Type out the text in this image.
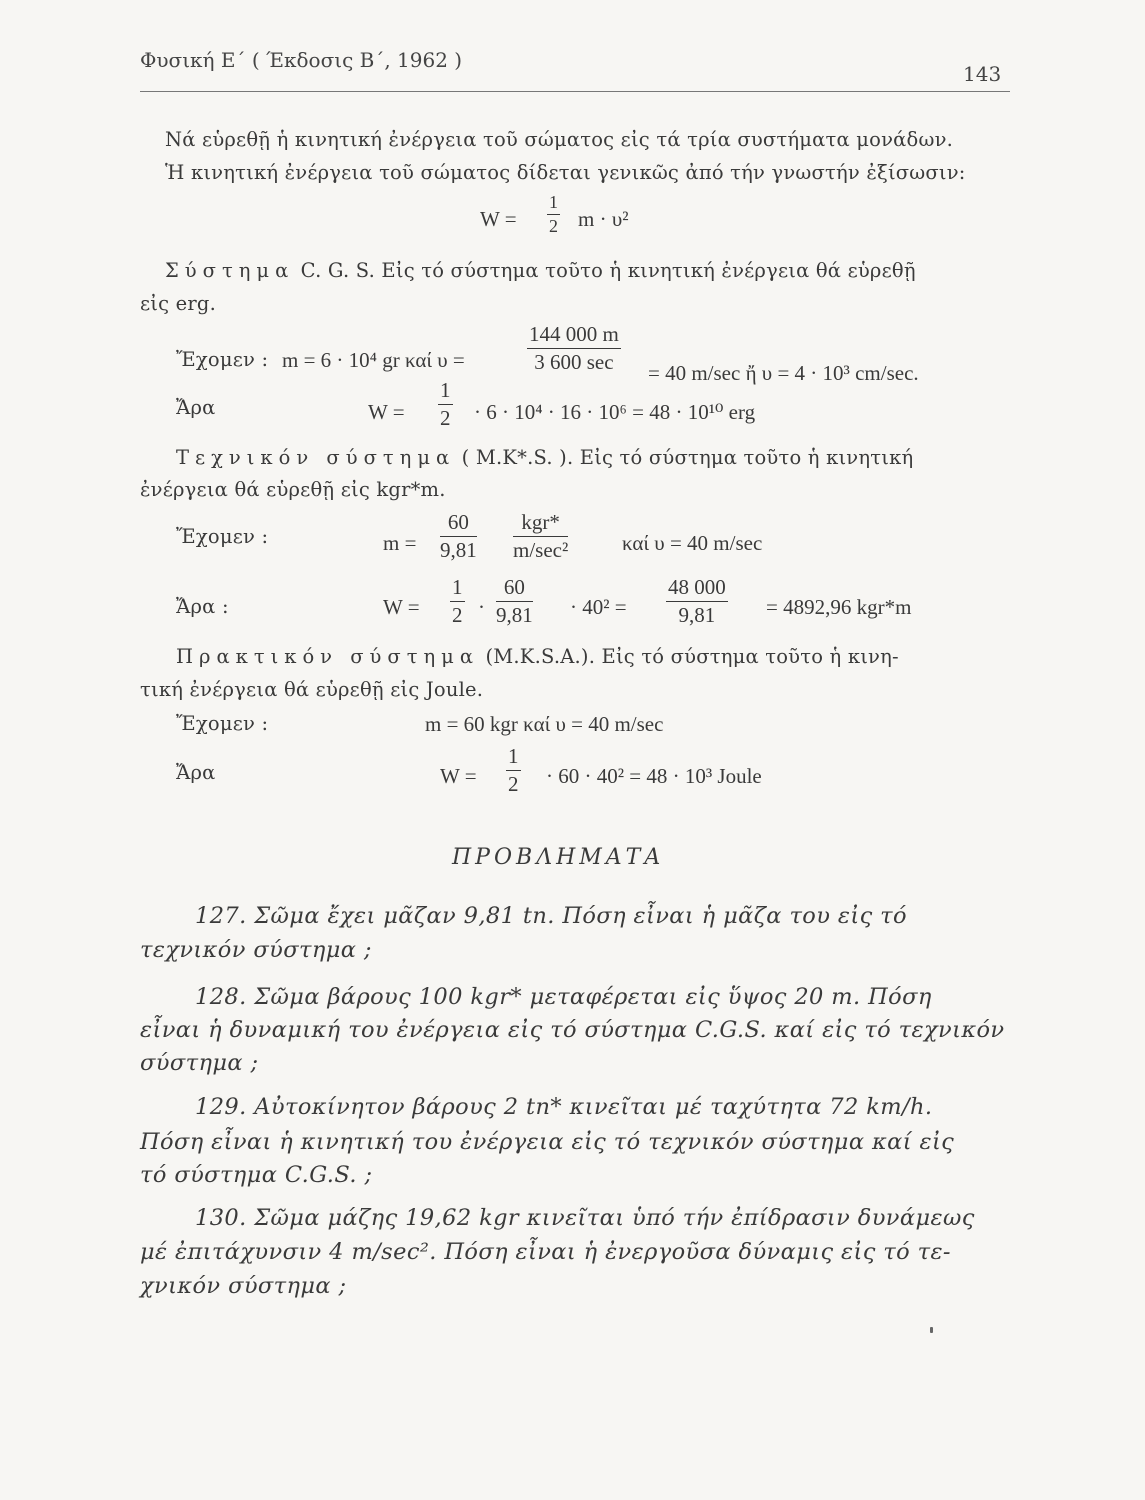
Φυσική Ε΄ ( Έκδοσις Β΄, 1962 )
143
Νά εὑρεθῇ ἡ κινητική ἐνέργεια τοῦ σώματος εἰς τά τρία συστήματα μονάδων.
Ἡ κινητική ἐνέργεια τοῦ σώματος δίδεται γενικῶς ἀπό τήν γνωστήν ἐξίσωσιν:
$W = \frac{1}{2}$ m · υ²
Σύστημα C. G. S. Εἰς τό σύστημα τοῦτο ἡ κινητική ἐνέργεια θά εὑρεθῇ
εἰς erg.
Ἔχομεν : m = 6 · 10⁴ gr καί υ =
144 000 m
3 600 sec	= 40 m/sec ἤ υ = 4 · 10³ cm/sec.
Ἄρα	$W = \frac{1}{2} \cdot 6 \cdot 10^4 \cdot 16 \cdot 10^6 = 48 \cdot 10^{10}$ erg
Τεχνικόν σύστημα ( M.K*.S. ). Εἰς τό σύστημα τοῦτο ἡ κινητική
ἐνέργεια θά εὑρεθῇ εἰς kgr*m.
Ἔχομεν :	$m = \frac{60}{9,81}$	kgr*
m/sec²	καί υ = 40 m/sec
Ἄρα :	$W = \frac{1}{2} \cdot \frac{60}{9,81} \cdot 40^2 = \frac{48 000}{9,81} = 4892,96$ kgr*m
Πρακτικόν σύστημα (M.K.S.A.). Εἰς τό σύστημα τοῦτο ἡ κινη-
τική ἐνέργεια θά εὑρεθῇ εἰς Joule.
Ἔχομεν :	m = 60 kgr καί υ = 40 m/sec
Ἄρα	$W = \frac{1}{2} \cdot 60 \cdot 40^2 = 48 \cdot 10^3$ Joule
ΠΡΟΒΛΗΜΑΤΑ
127. Σῶμα ἔχει μᾶζαν 9,81 tn. Πόση εἶναι ἡ μᾶζα του εἰς τό
τεχνικόν σύστημα ;
128. Σῶμα βάρους 100 kgr* μεταφέρεται εἰς ὕψος 20 m. Πόση
εἶναι ἡ δυναμική του ἐνέργεια εἰς τό σύστημα C.G.S. καί εἰς τό τεχνικόν
σύστημα ;
129. Αὐτοκίνητον βάρους 2 tn* κινεῖται μέ ταχύτητα 72 km/h.
Πόση εἶναι ἡ κινητική του ἐνέργεια εἰς τό τεχνικόν σύστημα καί εἰς
τό σύστημα C.G.S. ;
130. Σῶμα μάζης 19,62 kgr κινεῖται ὑπό τήν ἐπίδρασιν δυνάμεως
μέ ἐπιτάχυνσιν 4 m/sec². Πόση εἶναι ἡ ἐνεργοῦσα δύναμις εἰς τό τε-
χνικόν σύστημα ;
